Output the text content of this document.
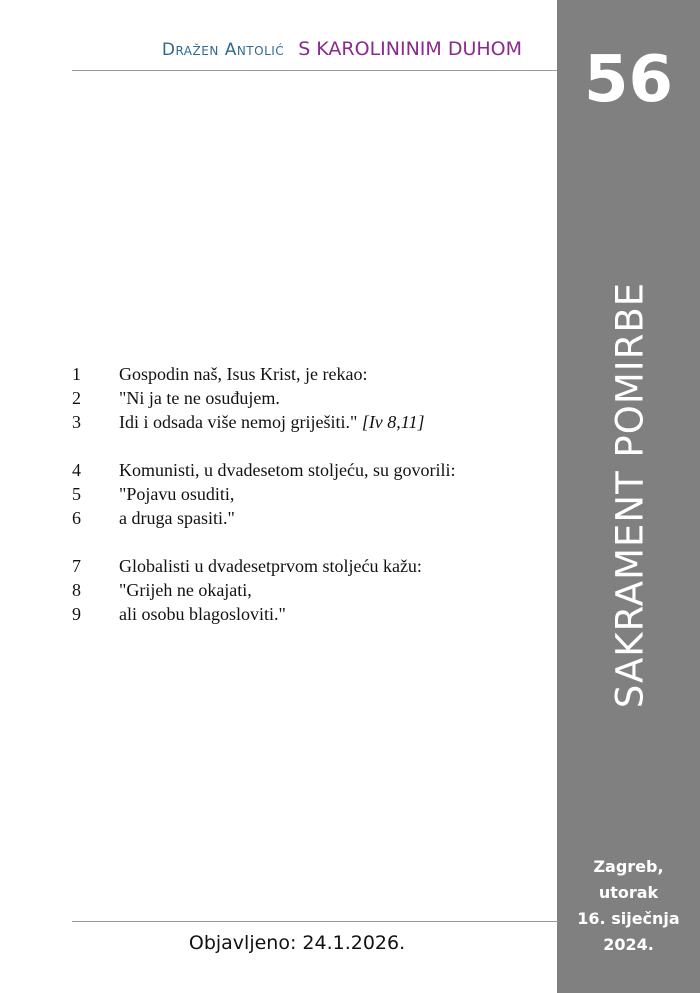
Dražen Antolić S KAROLININIM DUHOM 56
SAKRAMENT POMIRBE
Zagreb,
utorak
16. siječnja
2024.
1 Gospodin naš, Isus Krist, je rekao:
2 "Ni ja te ne osuđujem.
3 Idi i odsada više nemoj griješiti." [Iv 8,11]
4 Komunisti, u dvadesetom stoljeću, su govorili:
5 "Pojavu osuditi,
6 a druga spasiti."
7 Globalisti u dvadesetprvom stoljeću kažu:
8 "Grijeh ne okajati,
9 ali osobu blagosloviti."
Objavljeno: 24.1.2026.
